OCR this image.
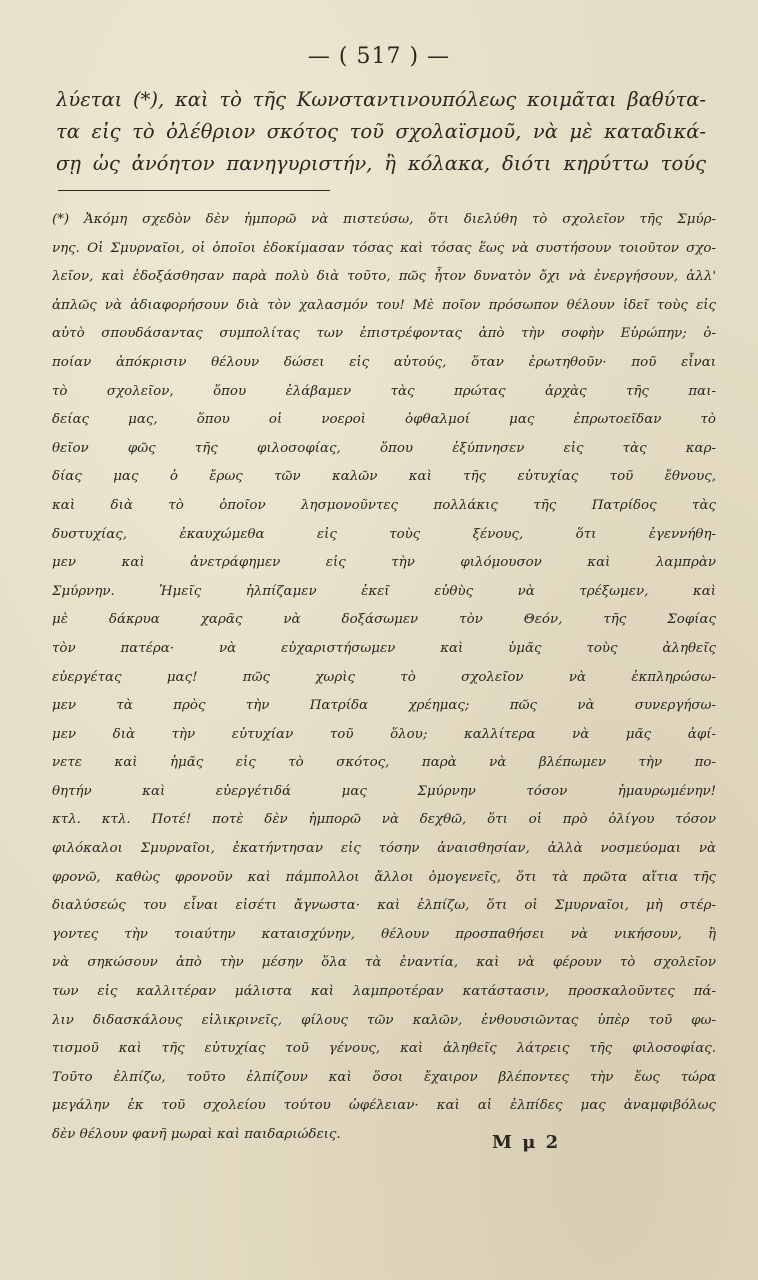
— ( 517 ) —
λύεται (*), καὶ τὸ τῆς Κωνσταντινουπόλεως κοιμᾶται βαθύτα-
τα εἰς τὸ ὀλέθριον σκότος τοῦ σχολαϊσμοῦ, νὰ μὲ καταδικά-
σῃ ὡς ἀνόητον πανηγυριστήν, ἢ κόλακα, διότι κηρύττω τούς
(*) Ἀκόμη σχεδὸν δὲν ἠμπορῶ νὰ πιστεύσω, ὅτι διελύθη τὸ σχολεῖον τῆς Σμύρ-
νης. Οἱ Σμυρναῖοι, οἱ ὁποῖοι ἐδοκίμασαν τόσας καὶ τόσας ἕως νὰ συστήσουν τοιοῦτον σχο-
λεῖον, καὶ ἐδοξάσθησαν παρὰ πολὺ διὰ τοῦτο, πῶς ἦτον δυνατὸν ὄχι νὰ ἐνεργήσουν, ἀλλ'
ἁπλῶς νὰ ἀδιαφορήσουν διὰ τὸν χαλασμόν του! Μὲ ποῖον πρόσωπον θέλουν ἰδεῖ τοὺς εἰς
αὐτὸ σπουδάσαντας συμπολίτας των ἐπιστρέφοντας ἀπὸ τὴν σοφὴν Εὐρώπην; ὁ-
ποίαν ἀπόκρισιν θέλουν δώσει εἰς αὐτούς, ὅταν ἐρωτηθοῦν· ποῦ εἶναι
τὸ σχολεῖον, ὅπου ἐλάβαμεν τὰς πρώτας ἀρχὰς τῆς παι-
δείας μας, ὅπου οἱ νοεροὶ ὀφθαλμοί μας ἐπρωτοεῖδαν τὸ
θεῖον φῶς τῆς φιλοσοφίας, ὅπου ἐξύπνησεν εἰς τὰς καρ-
δίας μας ὁ ἔρως τῶν καλῶν καὶ τῆς εὐτυχίας τοῦ ἔθνους,
καὶ διὰ τὸ ὁποῖον λησμονοῦντες πολλάκις τῆς Πατρίδος τὰς
δυστυχίας, ἐκαυχώμεθα εἰς τοὺς ξένους, ὅτι ἐγεννήθη-
μεν καὶ ἀνετράφημεν εἰς τὴν φιλόμουσον καὶ λαμπρὰν
Σμύρνην. Ἡμεῖς ἠλπίζαμεν ἐκεῖ εὐθὺς νὰ τρέξωμεν, καὶ
μὲ δάκρυα χαρᾶς νὰ δοξάσωμεν τὸν Θεόν, τῆς Σοφίας
τὸν πατέρα· νὰ εὐχαριστήσωμεν καὶ ὑμᾶς τοὺς ἀληθεῖς
εὐεργέτας μας! πῶς χωρὶς τὸ σχολεῖον νὰ ἐκπληρώσω-
μεν τὰ πρὸς τὴν Πατρίδα χρέημας; πῶς νὰ συνεργήσω-
μεν διὰ τὴν εὐτυχίαν τοῦ ὅλου; καλλίτερα νὰ μᾶς ἀφί-
νετε καὶ ἡμᾶς εἰς τὸ σκότος, παρὰ νὰ βλέπωμεν τὴν πο-
θητήν καὶ εὐεργέτιδά μας Σμύρνην τόσον ἠμαυρωμένην!
κτλ. κτλ. Ποτέ! ποτὲ δὲν ἠμπορῶ νὰ δεχθῶ, ὅτι οἱ πρὸ ὀλίγου τόσον
φιλόκαλοι Σμυρναῖοι, ἐκατήντησαν εἰς τόσην ἀναισθησίαν, ἀλλὰ νοσμεύομαι νὰ
φρονῶ, καθὼς φρονοῦν καὶ πάμπολλοι ἄλλοι ὁμογενεῖς, ὅτι τὰ πρῶτα αἴτια τῆς
διαλύσεώς του εἶναι εἰσέτι ἄγνωστα· καὶ ἐλπίζω, ὅτι οἱ Σμυρναῖοι, μὴ στέρ-
γοντες τὴν τοιαύτην καταισχύνην, θέλουν προσπαθήσει νὰ νικήσουν, ἢ
νὰ σηκώσουν ἀπὸ τὴν μέσην ὅλα τὰ ἐναντία, καὶ νὰ φέρουν τὸ σχολεῖον
των εἰς καλλιτέραν μάλιστα καὶ λαμπροτέραν κατάστασιν, προσκαλοῦντες πά-
λιν διδασκάλους εἰλικρινεῖς, φίλους τῶν καλῶν, ἐνθουσιῶντας ὑπὲρ τοῦ φω-
τισμοῦ καὶ τῆς εὐτυχίας τοῦ γένους, καὶ ἀληθεῖς λάτρεις τῆς φιλοσοφίας.
Τοῦτο ἐλπίζω, τοῦτο ἐλπίζουν καὶ ὅσοι ἔχαιρον βλέποντες τὴν ἕως τώρα
μεγάλην ἐκ τοῦ σχολείου τούτου ὠφέλειαν· καὶ αἱ ἐλπίδες μας ἀναμφιβόλως
δὲν θέλουν φανῆ μωραὶ καὶ παιδαριώδεις.	Μ μ 2
